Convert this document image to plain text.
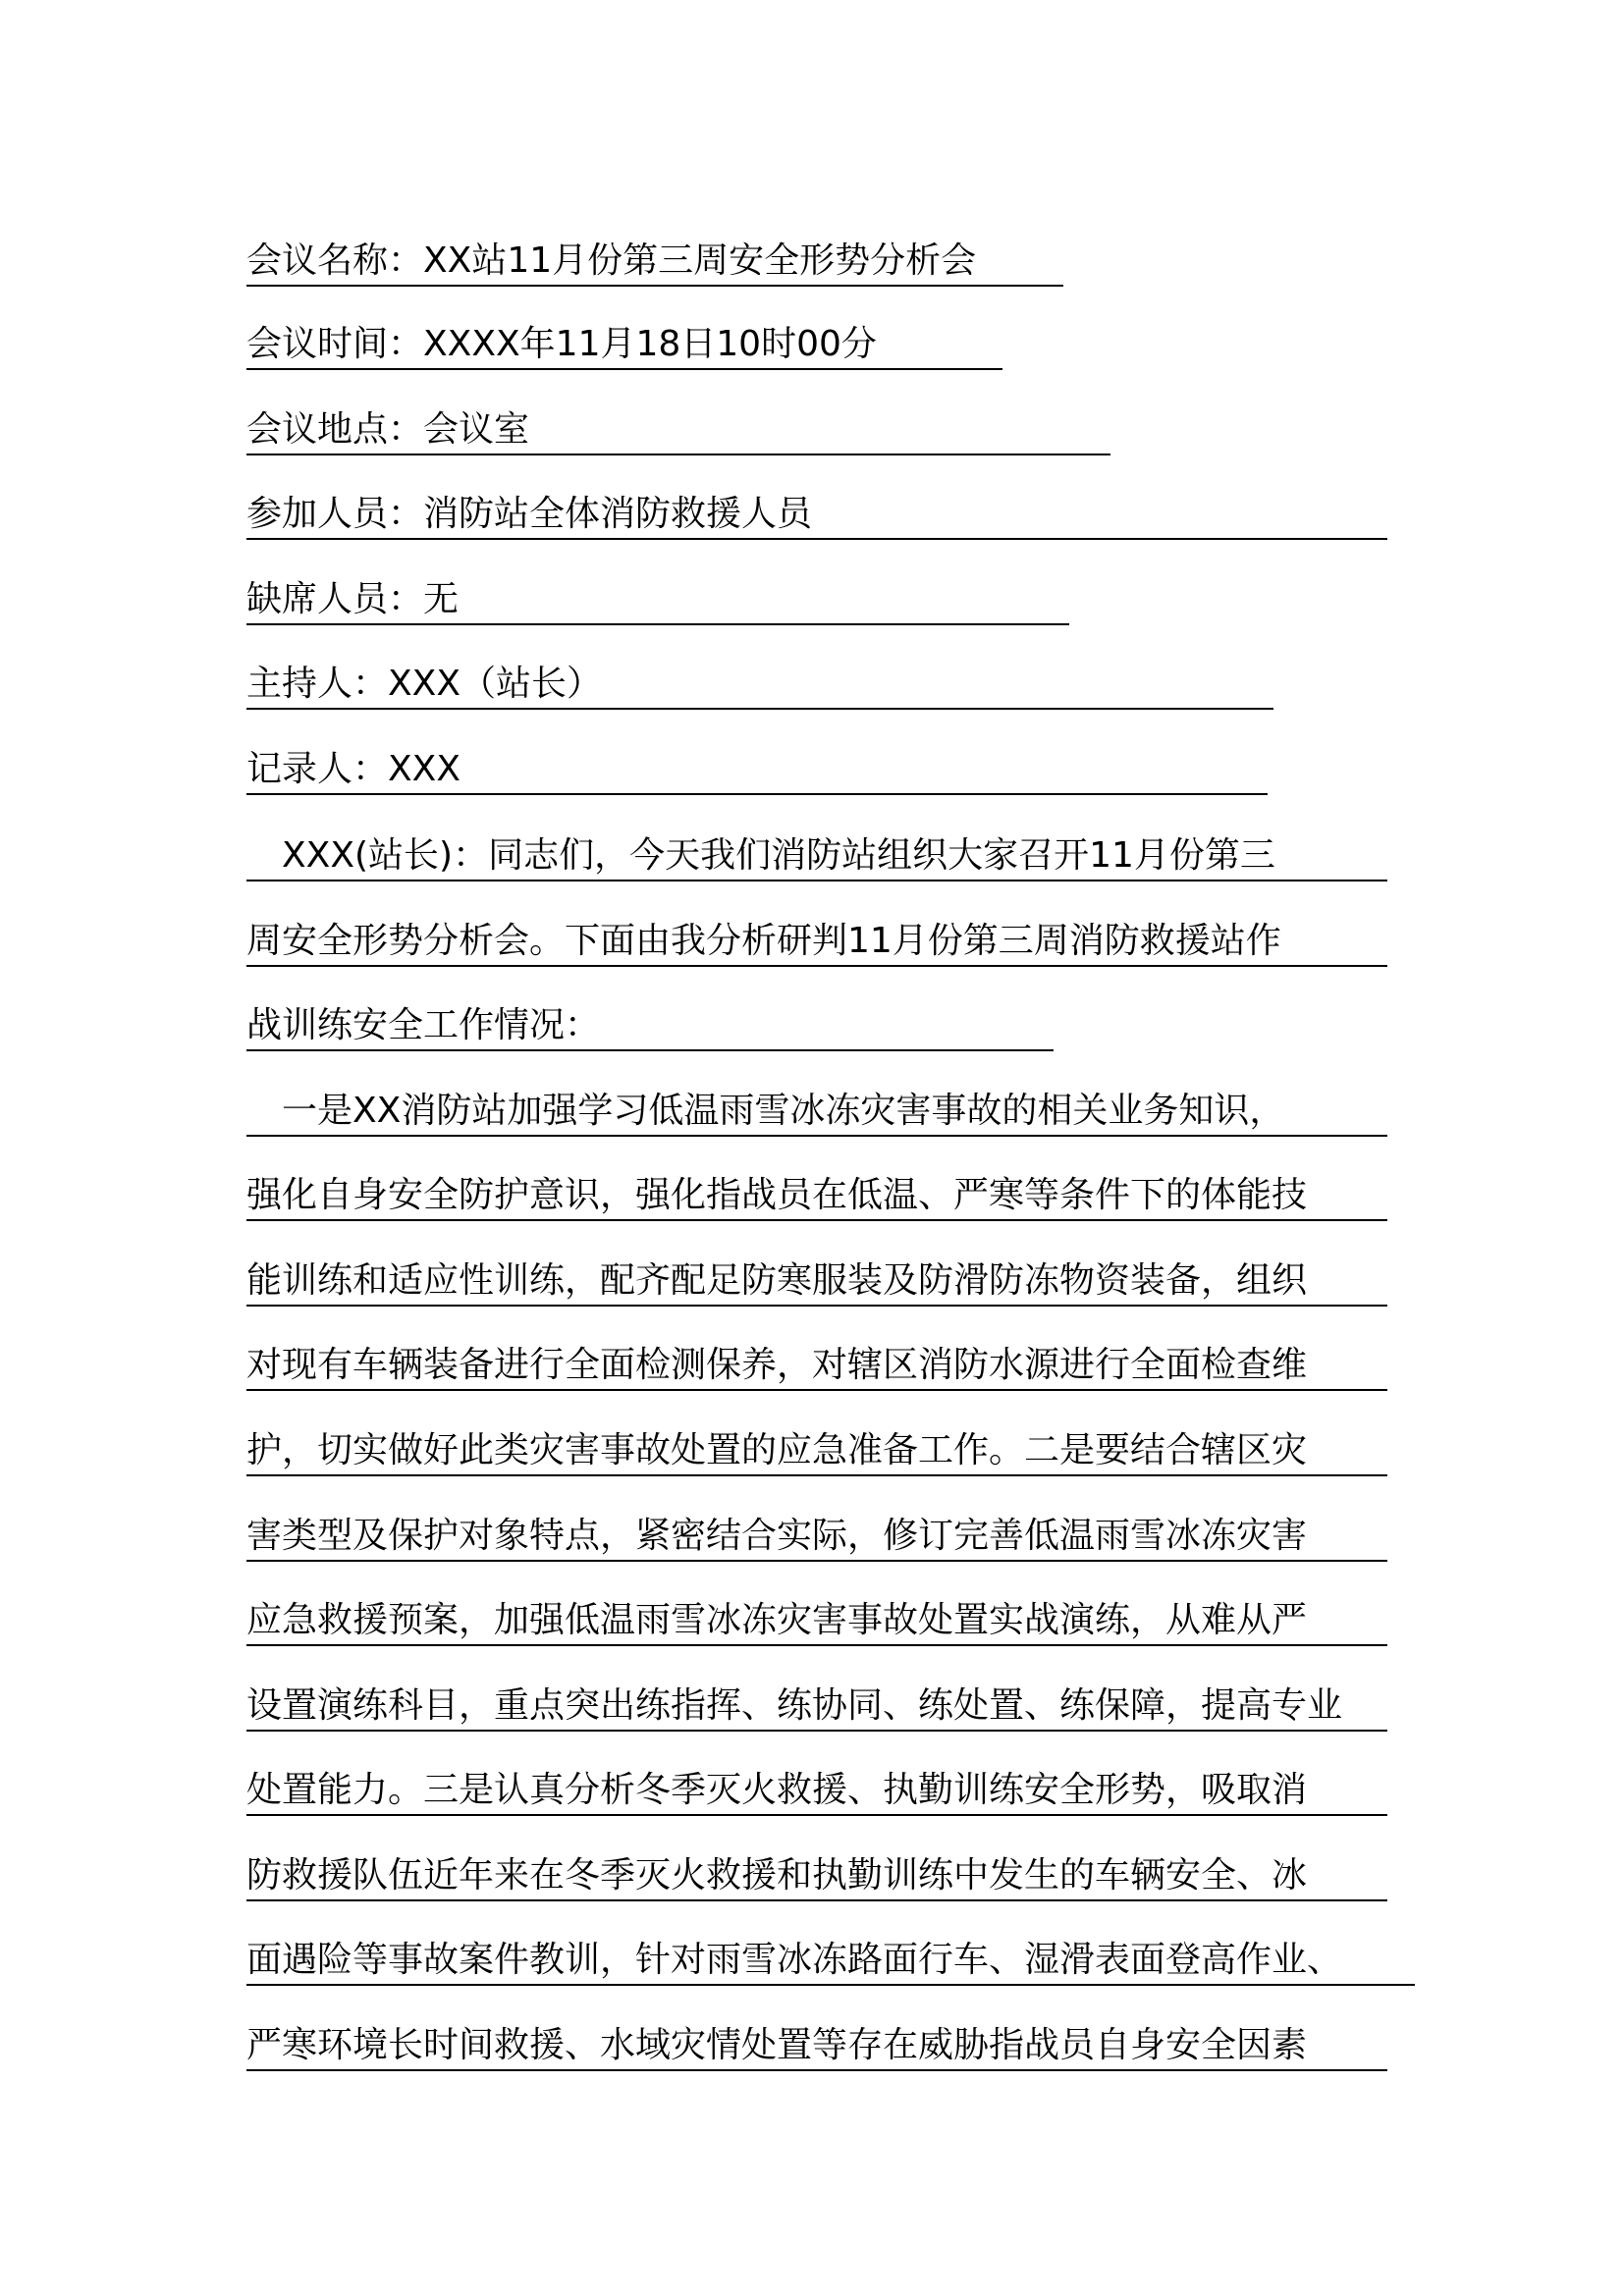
会议名称：XX站11月份第三周安全形势分析会
会议时间：XXXX年11月18日10时00分
会议地点：会议室
参加人员：消防站全体消防救援人员
缺席人员：无
主持人：XXX（站长）
记录人：XXX
　XXX(站长)：同志们，今天我们消防站组织大家召开11月份第三
周安全形势分析会。下面由我分析研判11月份第三周消防救援站作
战训练安全工作情况：
　一是XX消防站加强学习低温雨雪冰冻灾害事故的相关业务知识，
强化自身安全防护意识，强化指战员在低温、严寒等条件下的体能技
能训练和适应性训练，配齐配足防寒服装及防滑防冻物资装备，组织
对现有车辆装备进行全面检测保养，对辖区消防水源进行全面检查维
护，切实做好此类灾害事故处置的应急准备工作。二是要结合辖区灾
害类型及保护对象特点，紧密结合实际，修订完善低温雨雪冰冻灾害
应急救援预案，加强低温雨雪冰冻灾害事故处置实战演练，从难从严
设置演练科目，重点突出练指挥、练协同、练处置、练保障，提高专业
处置能力。三是认真分析冬季灭火救援、执勤训练安全形势，吸取消
防救援队伍近年来在冬季灭火救援和执勤训练中发生的车辆安全、冰
面遇险等事故案件教训，针对雨雪冰冻路面行车、湿滑表面登高作业、
严寒环境长时间救援、水域灾情处置等存在威胁指战员自身安全因素
